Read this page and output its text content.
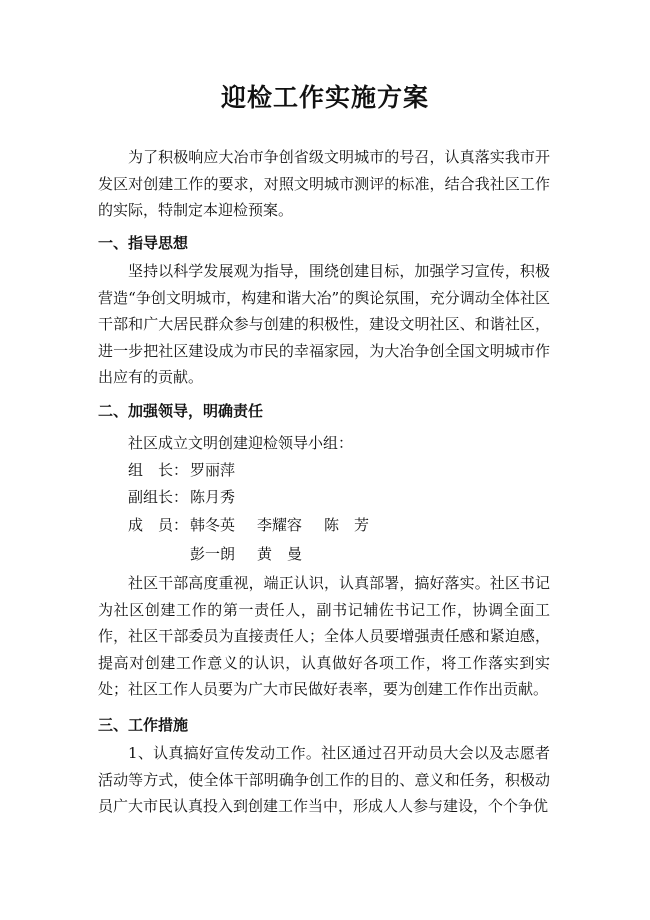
迎检工作实施方案

为了积极响应大冶市争创省级文明城市的号召，认真落实我市开发区对创建工作的要求，对照文明城市测评的标准，结合我社区工作的实际，特制定本迎检预案。

一、指导思想

坚持以科学发展观为指导，围绕创建目标，加强学习宣传，积极营造“争创文明城市，构建和谐大冶”的舆论氛围，充分调动全体社区干部和广大居民群众参与创建的积极性，建设文明社区、和谐社区，进一步把社区建设成为市民的幸福家园，为大冶争创全国文明城市作出应有的贡献。

二、加强领导，明确责任

社区成立文明创建迎检领导小组：

组　长： 罗丽萍

副组长： 陈月秀

成　员： 韩冬英 李耀容 陈　芳

彭一朗 黄　曼

社区干部高度重视，端正认识，认真部署，搞好落实。社区书记为社区创建工作的第一责任人，副书记辅佐书记工作，协调全面工作，社区干部委员为直接责任人；全体人员要增强责任感和紧迫感，提高对创建工作意义的认识，认真做好各项工作，将工作落实到实处；社区工作人员要为广大市民做好表率，要为创建工作作出贡献。

三、工作措施

1、认真搞好宣传发动工作。社区通过召开动员大会以及志愿者活动等方式，使全体干部明确争创工作的目的、意义和任务，积极动员广大市民认真投入到创建工作当中，形成人人参与建设，个个争优
